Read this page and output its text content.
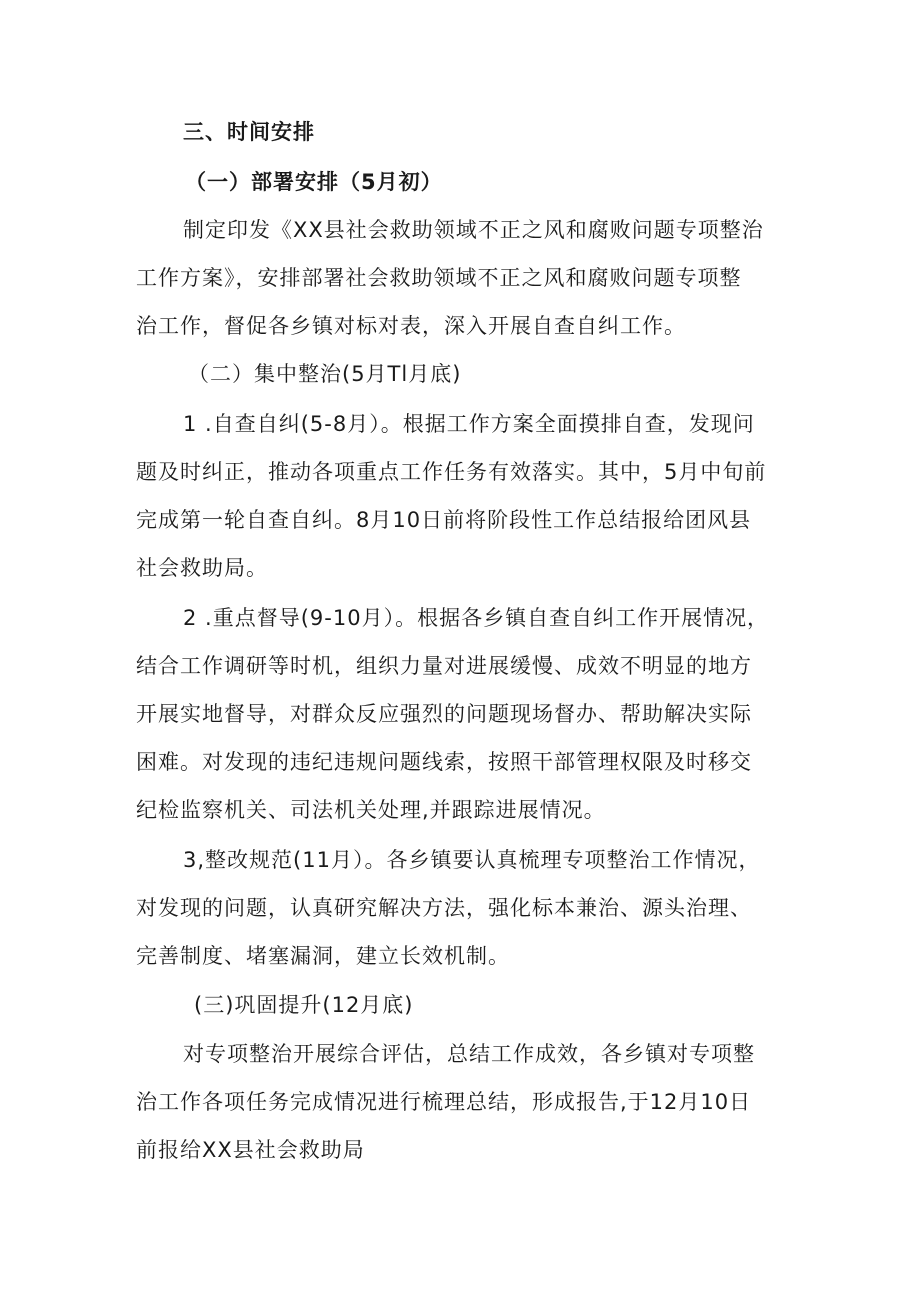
三、时间安排
（一）部署安排（5月初）
制定印发《XX县社会救助领域不正之风和腐败问题专项整治
工作方案》，安排部署社会救助领域不正之风和腐败问题专项整
治工作，督促各乡镇对标对表，深入开展自查自纠工作。
（二）集中整治(5月Tl月底)
1 .自查自纠(5-8月）。根据工作方案全面摸排自查，发现问
题及时纠正，推动各项重点工作任务有效落实。其中，5月中旬前
完成第一轮自查自纠。8月10日前将阶段性工作总结报给团风县
社会救助局。
2 .重点督导(9-10月）。根据各乡镇自查自纠工作开展情况，
结合工作调研等时机，组织力量对进展缓慢、成效不明显的地方
开展实地督导，对群众反应强烈的问题现场督办、帮助解决实际
困难。对发现的违纪违规问题线索，按照干部管理权限及时移交
纪检监察机关、司法机关处理,并跟踪进展情况。
3,整改规范(11月）。各乡镇要认真梳理专项整治工作情况，
对发现的问题，认真研究解决方法，强化标本兼治、源头治理、
完善制度、堵塞漏洞，建立长效机制。
(三)巩固提升(12月底)
对专项整治开展综合评估，总结工作成效，各乡镇对专项整
治工作各项任务完成情况进行梳理总结，形成报告,于12月10日
前报给XX县社会救助局
